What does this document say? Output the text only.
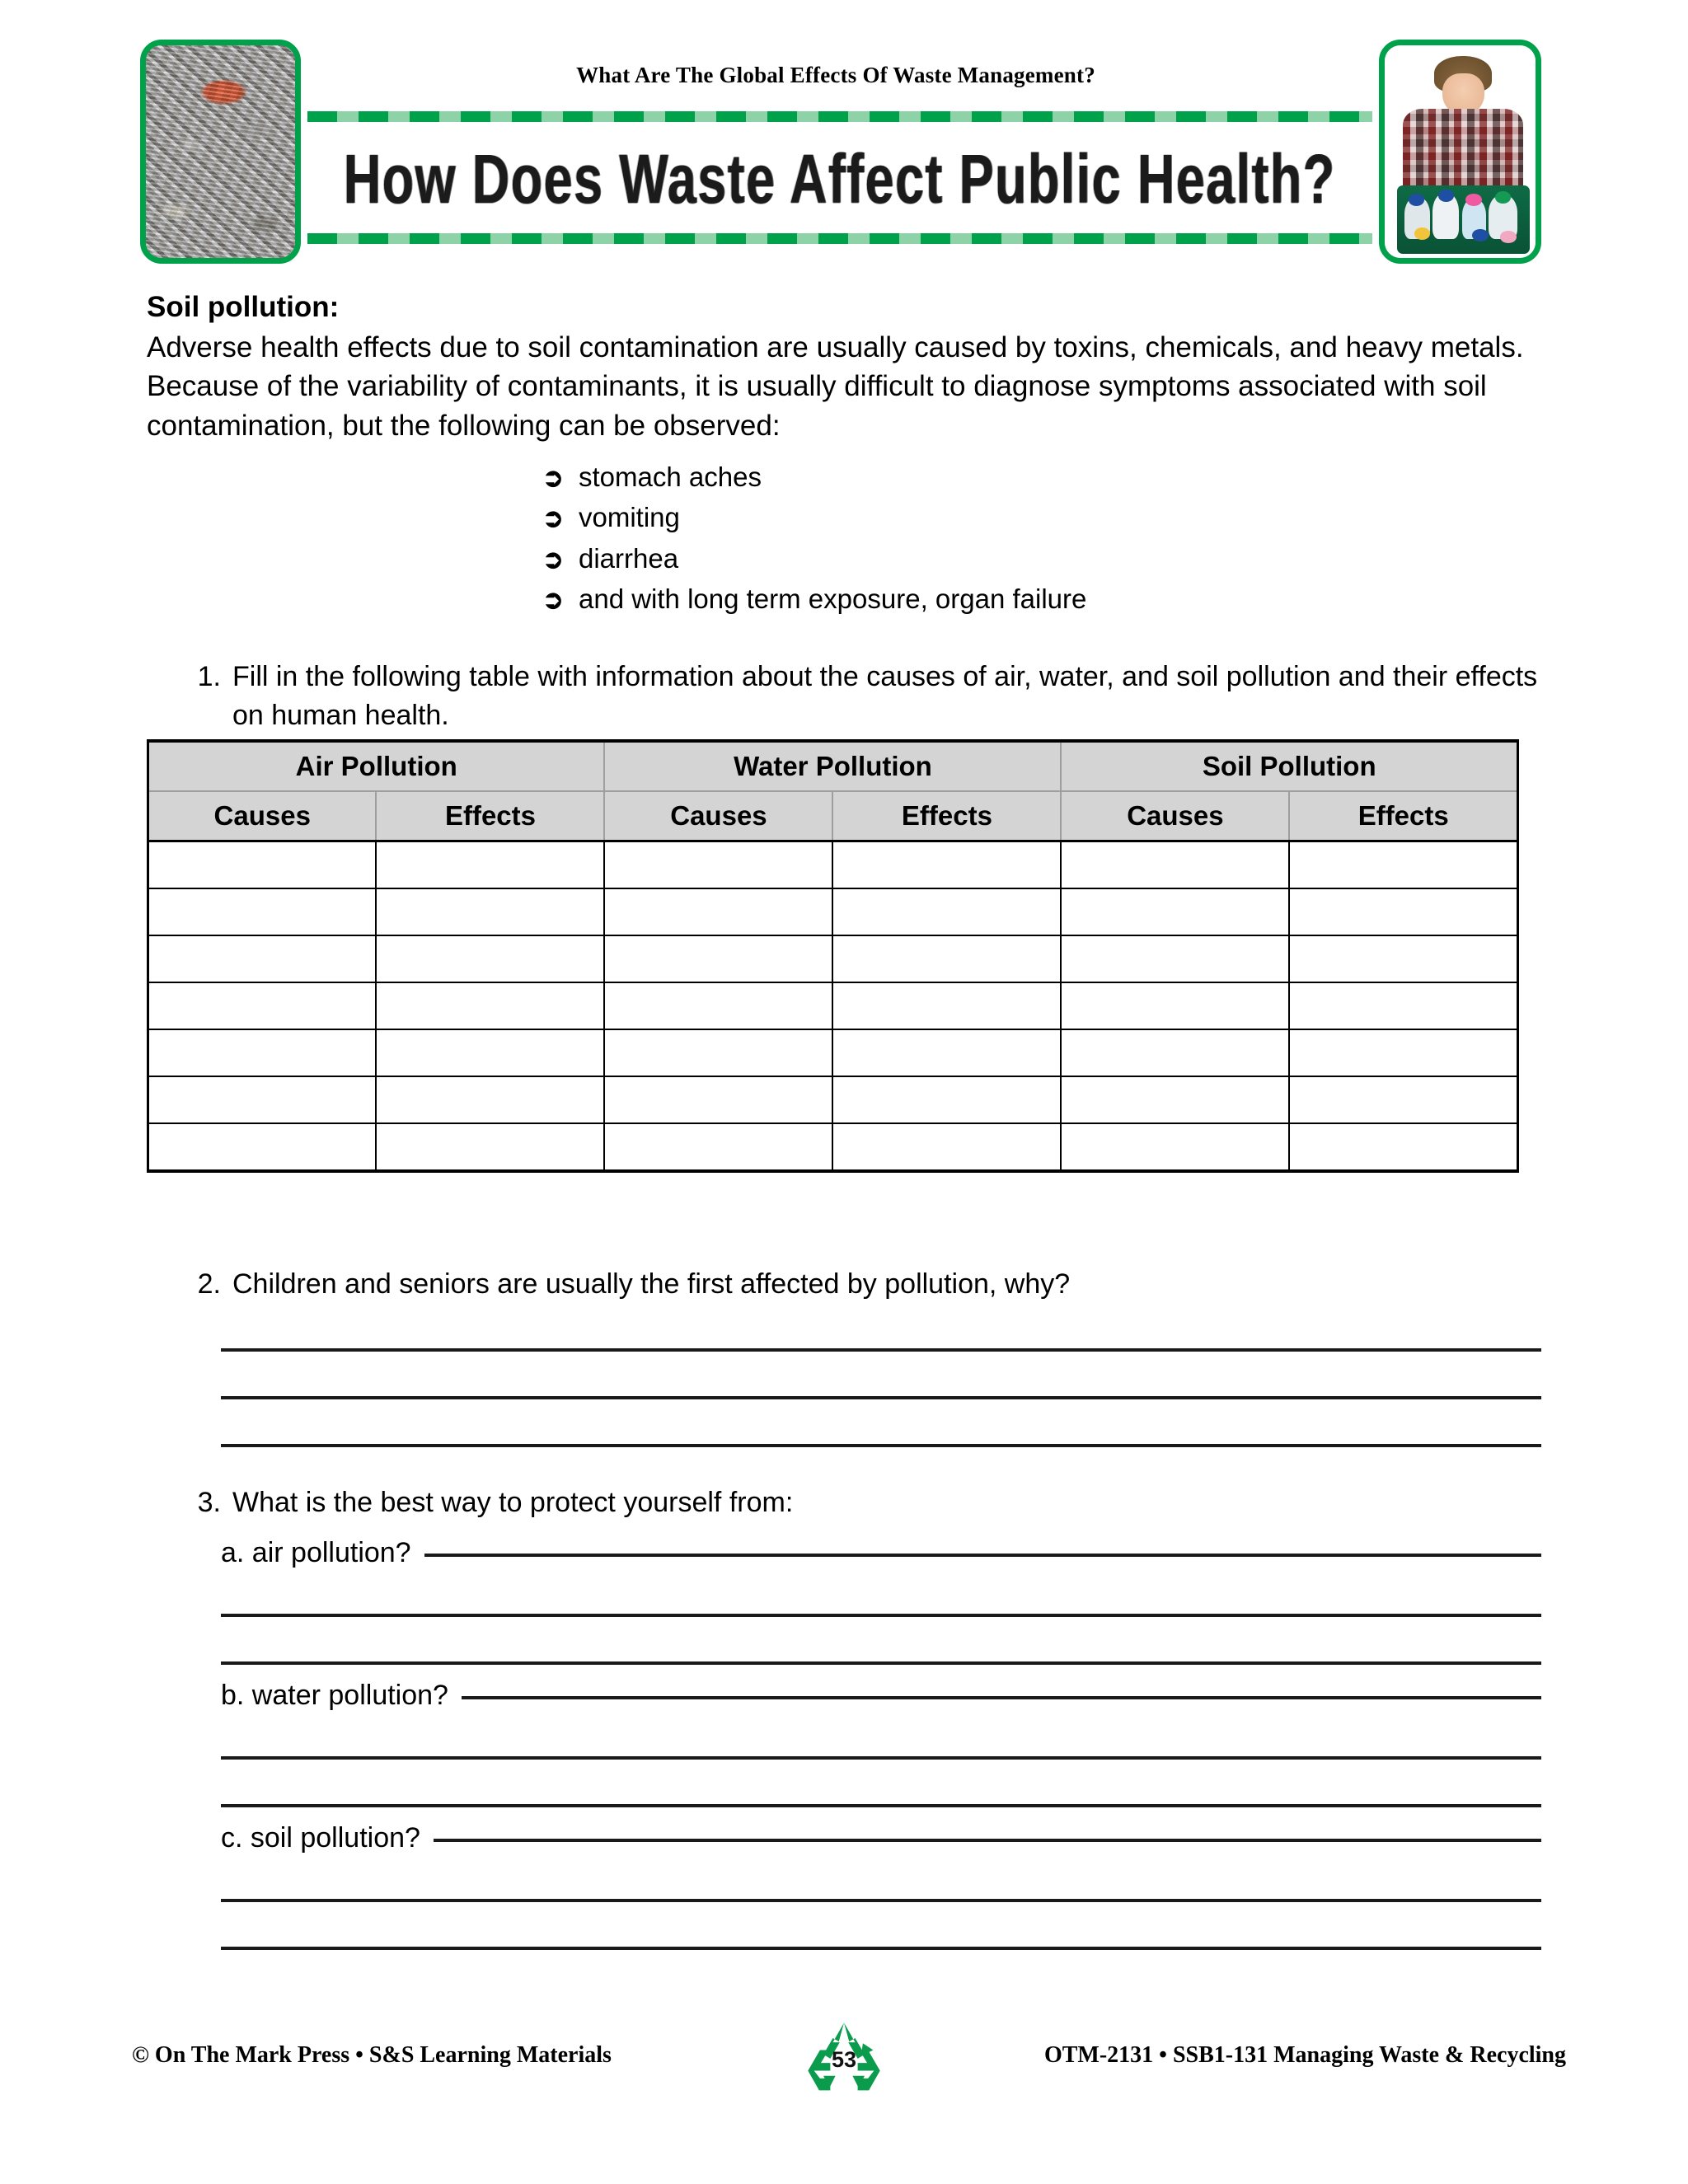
What Are The Global Effects Of Waste Management?
How Does Waste Affect Public Health?

Soil pollution:

Adverse health effects due to soil contamination are usually caused by toxins, chemicals, and heavy metals. Because of the variability of contaminants, it is usually difficult to diagnose symptoms associated with soil contamination, but the following can be observed:

➲ stomach aches
➲ vomiting
➲ diarrhea
➲ and with long term exposure, organ failure
1. Fill in the following table with information about the causes of air, water, and soil pollution and their effects on human health.
Air Pollution		Water Pollution		Soil Pollution	
Causes	Effects	Causes	Effects	Causes	Effects

2. Children and seniors are usually the first affected by pollution, why?
3. What is the best way to protect yourself from:
a. air pollution?
b. water pollution?
c. soil pollution?
© On The Mark Press • S&S Learning Materials	53	OTM-2131 • SSB1-131 Managing Waste & Recycling
